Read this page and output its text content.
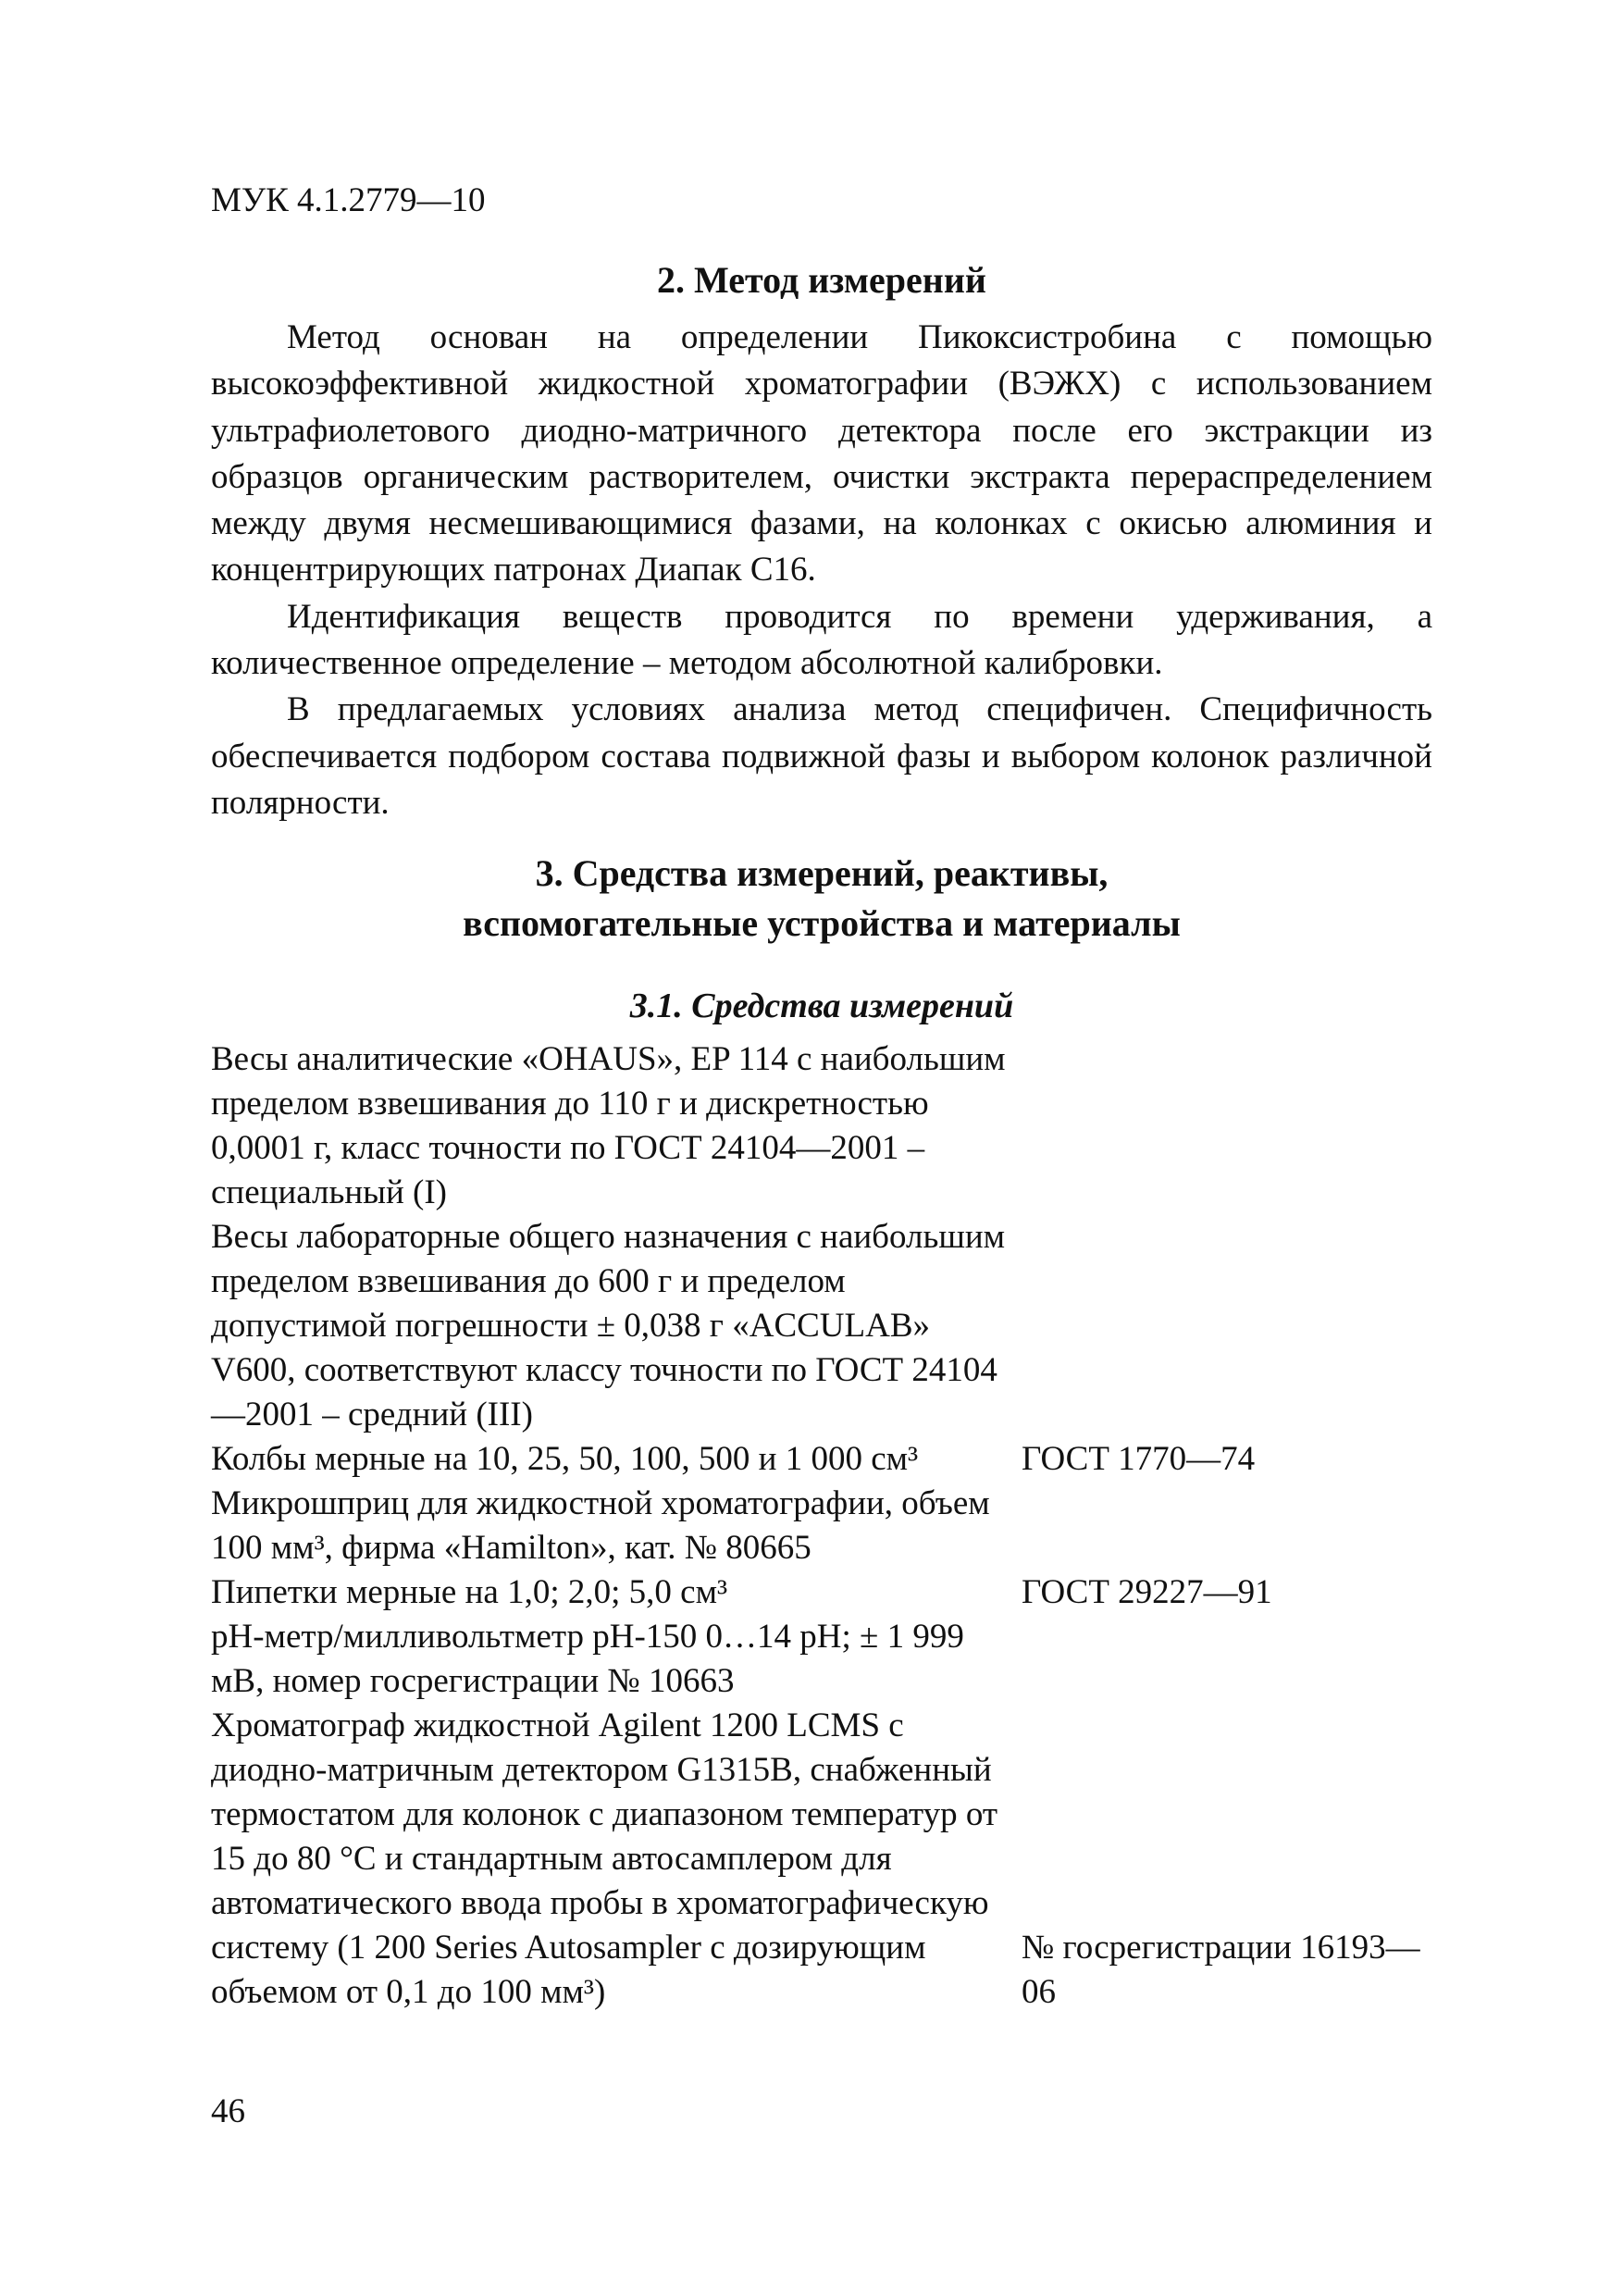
МУК 4.1.2779—10
2. Метод измерений

Метод основан на определении Пикоксистробина с помощью высокоэффективной жидкостной хроматографии (ВЭЖХ) с использованием ультрафиолетового диодно-матричного детектора после его экстракции из образцов органическим растворителем, очистки экстракта перераспределением между двумя несмешивающимися фазами, на колонках с окисью алюминия и концентрирующих патронах Диапак С16.

Идентификация веществ проводится по времени удерживания, а количественное определение – методом абсолютной калибровки.

В предлагаемых условиях анализа метод специфичен. Специфичность обеспечивается подбором состава подвижной фазы и выбором колонок различной полярности.

3. Средства измерений, реактивы,
вспомогательные устройства и материалы
3.1. Средства измерений
Весы аналитические «OHAUS», EP 114 с наибольшим пределом взвешивания до 110 г и дискретностью 0,0001 г, класс точности по ГОСТ 24104—2001 – специальный (I)
Весы лабораторные общего назначения с наибольшим пределом взвешивания до 600 г и пределом допустимой погрешности ± 0,038 г «ACCULAB» V600, соответствуют классу точности по ГОСТ 24104—2001 – средний (III)
Колбы мерные на 10, 25, 50, 100, 500 и 1 000 см³	ГОСТ 1770—74
Микрошприц для жидкостной хроматографии, объем 100 мм³, фирма «Hamilton», кат. № 80665
Пипетки мерные на 1,0; 2,0; 5,0 см³	ГОСТ 29227—91
рН-метр/милливольтметр рН-150 0…14 рН; ± 1 999 мВ, номер госрегистрации № 10663
Хроматограф жидкостной Agilent 1200 LCMS с диодно-матричным детектором G1315B, снабженный термостатом для колонок с диапазоном температур от 15 до 80 °С и стандартным автосамплером для автоматического ввода пробы в хроматографическую систему (1 200 Series Autosampler с дозирующим объемом от 0,1 до 100 мм³)
№ госрегистрации 16193—06
46
